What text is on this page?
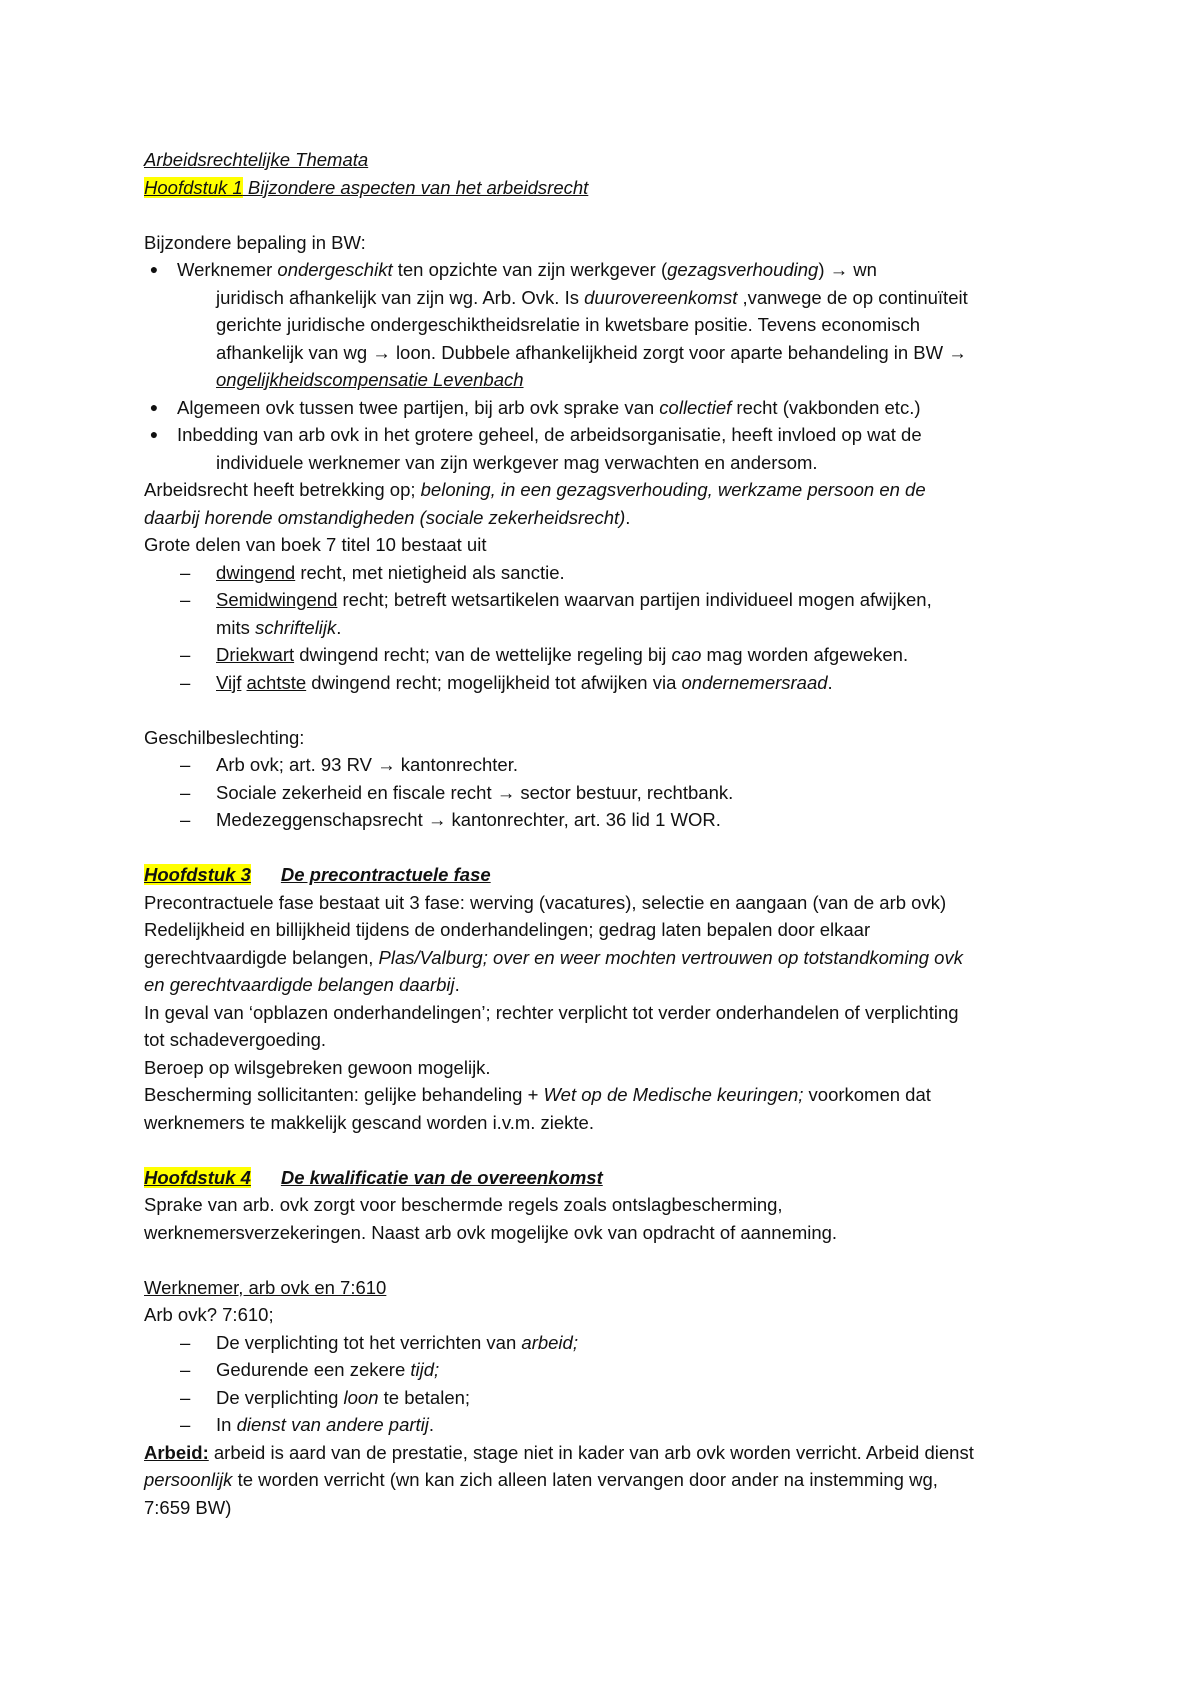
Arbeidsrechtelijke Themata
Hoofdstuk 1 Bijzondere aspecten van het arbeidsrecht
Bijzondere bepaling in BW:
●	Werknemer ondergeschikt ten opzichte van zijn werkgever (gezagsverhouding) → wn
juridisch afhankelijk van zijn wg. Arb. Ovk. Is duurovereenkomst ,vanwege de op continuïteit
gerichte juridische ondergeschiktheidsrelatie in kwetsbare positie. Tevens economisch
afhankelijk van wg → loon. Dubbele afhankelijkheid zorgt voor aparte behandeling in BW →
ongelijkheidscompensatie Levenbach
●	Algemeen ovk tussen twee partijen, bij arb ovk sprake van collectief recht (vakbonden etc.)
●	Inbedding van arb ovk in het grotere geheel, de arbeidsorganisatie, heeft invloed op wat de
individuele werknemer van zijn werkgever mag verwachten en andersom.
Arbeidsrecht heeft betrekking op; beloning, in een gezagsverhouding, werkzame persoon en de
daarbij horende omstandigheden (sociale zekerheidsrecht).
Grote delen van boek 7 titel 10 bestaat uit
–	dwingend recht, met nietigheid als sanctie.
–	Semidwingend recht; betreft wetsartikelen waarvan partijen individueel mogen afwijken,
mits schriftelijk.
–	Driekwart dwingend recht; van de wettelijke regeling bij cao mag worden afgeweken.
–	Vijf achtste dwingend recht; mogelijkheid tot afwijken via ondernemersraad.
Geschilbeslechting:
–	Arb ovk; art. 93 RV → kantonrechter.
–	Sociale zekerheid en fiscale recht → sector bestuur, rechtbank.
–	Medezeggenschapsrecht → kantonrechter, art. 36 lid 1 WOR.
Hoofdstuk 3 De precontractuele fase
Precontractuele fase bestaat uit 3 fase: werving (vacatures), selectie en aangaan (van de arb ovk)
Redelijkheid en billijkheid tijdens de onderhandelingen; gedrag laten bepalen door elkaar
gerechtvaardigde belangen, Plas/Valburg; over en weer mochten vertrouwen op totstandkoming ovk
en gerechtvaardigde belangen daarbij.
In geval van ‘opblazen onderhandelingen’; rechter verplicht tot verder onderhandelen of verplichting
tot schadevergoeding.
Beroep op wilsgebreken gewoon mogelijk.
Bescherming sollicitanten: gelijke behandeling + Wet op de Medische keuringen; voorkomen dat
werknemers te makkelijk gescand worden i.v.m. ziekte.
Hoofdstuk 4 De kwalificatie van de overeenkomst
Sprake van arb. ovk zorgt voor beschermde regels zoals ontslagbescherming,
werknemersverzekeringen. Naast arb ovk mogelijke ovk van opdracht of aanneming.
Werknemer, arb ovk en 7:610
Arb ovk? 7:610;
–	De verplichting tot het verrichten van arbeid;
–	Gedurende een zekere tijd;
–	De verplichting loon te betalen;
–	In dienst van andere partij.
Arbeid: arbeid is aard van de prestatie, stage niet in kader van arb ovk worden verricht. Arbeid dienst
persoonlijk te worden verricht (wn kan zich alleen laten vervangen door ander na instemming wg,
7:659 BW)
